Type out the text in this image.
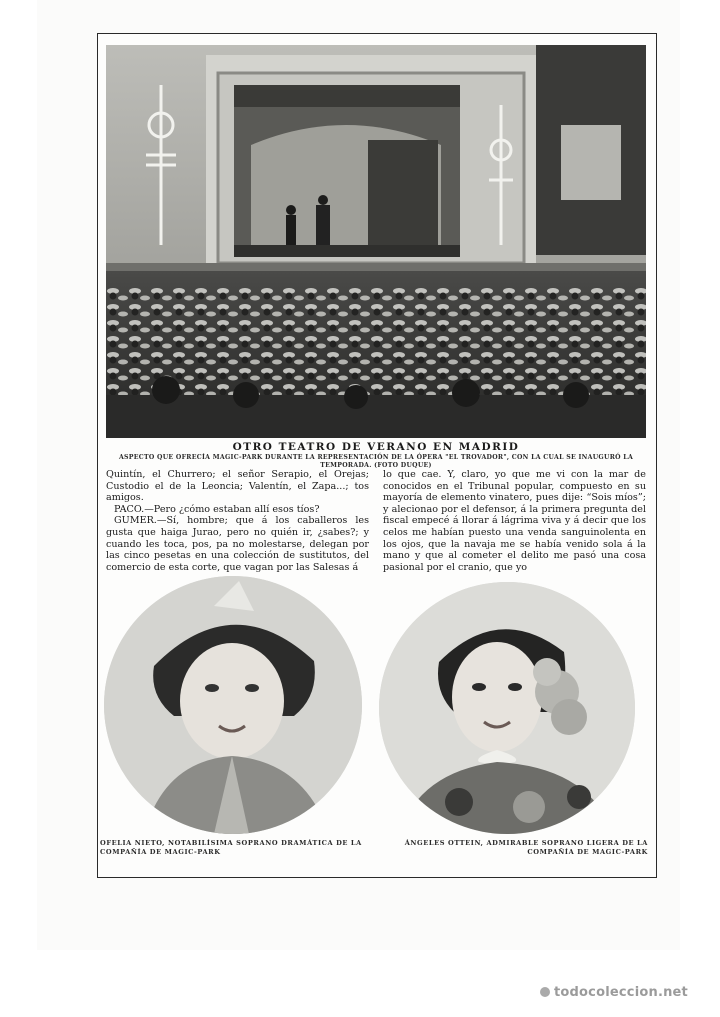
OTRO TEATRO DE VERANO EN MADRID
ASPECTO QUE OFRECÍA MAGIC-PARK DURANTE LA REPRESENTACIÓN DE LA ÓPERA "EL TROVADOR", CON LA CUAL SE INAUGURÓ LA TEMPORADA. (FOTO DUQUE)

Quintín, el Churrero; el señor Serapio, el Orejas; Custodio el de la Leoncia; Valentín, el Zapa...; tos amigos.

PACO.—Pero ¿cómo estaban allí esos tíos?

GUMER.—Sí, hombre; que á los caballeros les gusta que haiga Jurao, pero no quién ir, ¿sabes?; y cuando les toca, pos, pa no molestarse, delegan por las cinco pesetas en una colección de sustitutos, del comercio de esta corte, que vagan por las Salesas á

lo que cae. Y, claro, yo que me vi con la mar de conocidos en el Tribunal popular, compuesto en su mayoría de elemento vinatero, pues dije: “Sois míos”; y alecionao por el defensor, á la primera pregunta del fiscal empecé á llorar á lágrima viva y á decir que los celos me habían puesto una venda sanguinolenta en los ojos, que la navaja me se había venido sola á la mano y que al cometer el delito me pasó una cosa pasional por el cranio, que yo

OFELIA NIETO, NOTABILÍSIMA SOPRANO DRAMÁTICA DE LA COMPAÑÍA DE MAGIC-PARK
ÁNGELES OTTEIN, ADMIRABLE SOPRANO LIGERA DE LA COMPAÑÍA DE MAGIC-PARK
todocoleccion.net
